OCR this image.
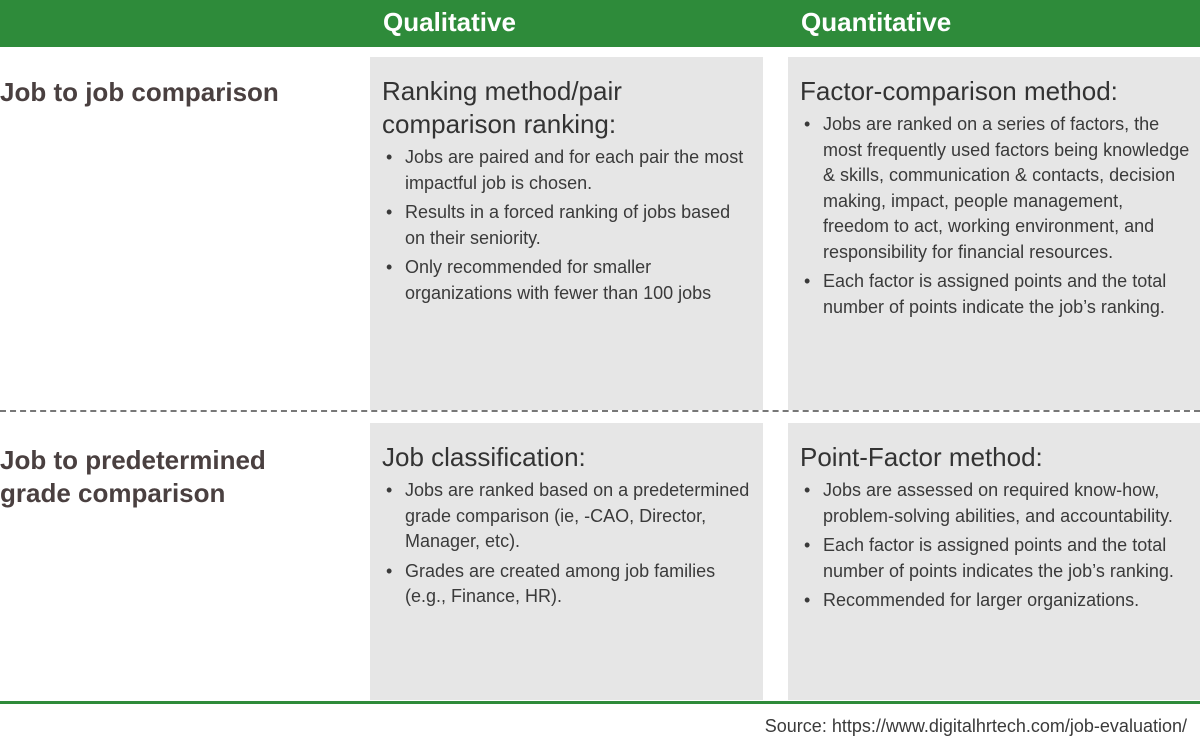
Qualitative	Quantitative
Job to job comparison
Job to predetermined grade comparison
Ranking method/pair comparison ranking:
• Jobs are paired and for each pair the most impactful job is chosen.
• Results in a forced ranking of jobs based on their seniority.
• Only recommended for smaller organizations with fewer than 100 jobs
Factor-comparison method:
• Jobs are ranked on a series of factors, the most frequently used factors being knowledge & skills, communication & contacts, decision making, impact, people management, freedom to act, working environment, and responsibility for financial resources.
• Each factor is assigned points and the total number of points indicate the job’s ranking.
Job classification:
• Jobs are ranked based on a predetermined grade comparison (ie, -CAO, Director, Manager, etc).
• Grades are created among job families (e.g., Finance, HR).
Point-Factor method:
• Jobs are assessed on required know-how, problem-solving abilities, and accountability.
• Each factor is assigned points and the total number of points indicates the job’s ranking.
• Recommended for larger organizations.
Source: https://www.digitalhrtech.com/job-evaluation/
